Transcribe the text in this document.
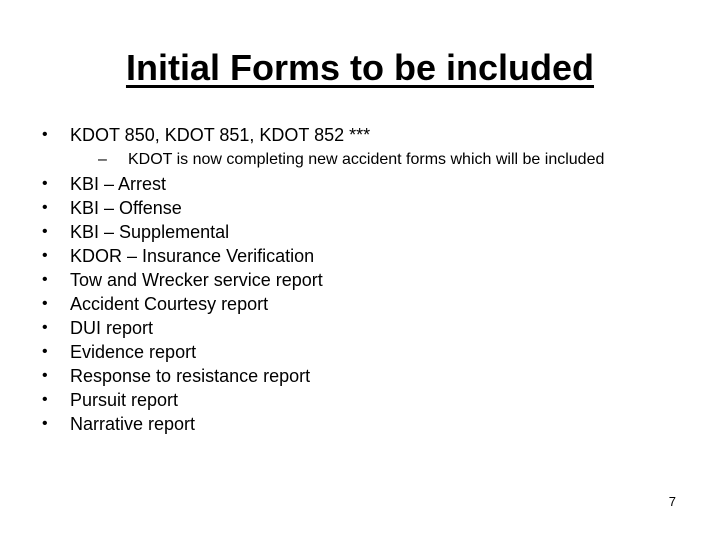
Initial Forms to be included
•	KDOT 850, KDOT 851, KDOT 852 ***
– KDOT is now completing new accident forms which will be included
•	KBI – Arrest
•	KBI – Offense
•	KBI – Supplemental
•	KDOR – Insurance Verification
•	Tow and Wrecker service report
•	Accident Courtesy report
•	DUI report
•	Evidence report
•	Response to resistance report
•	Pursuit report
•	Narrative report
7
